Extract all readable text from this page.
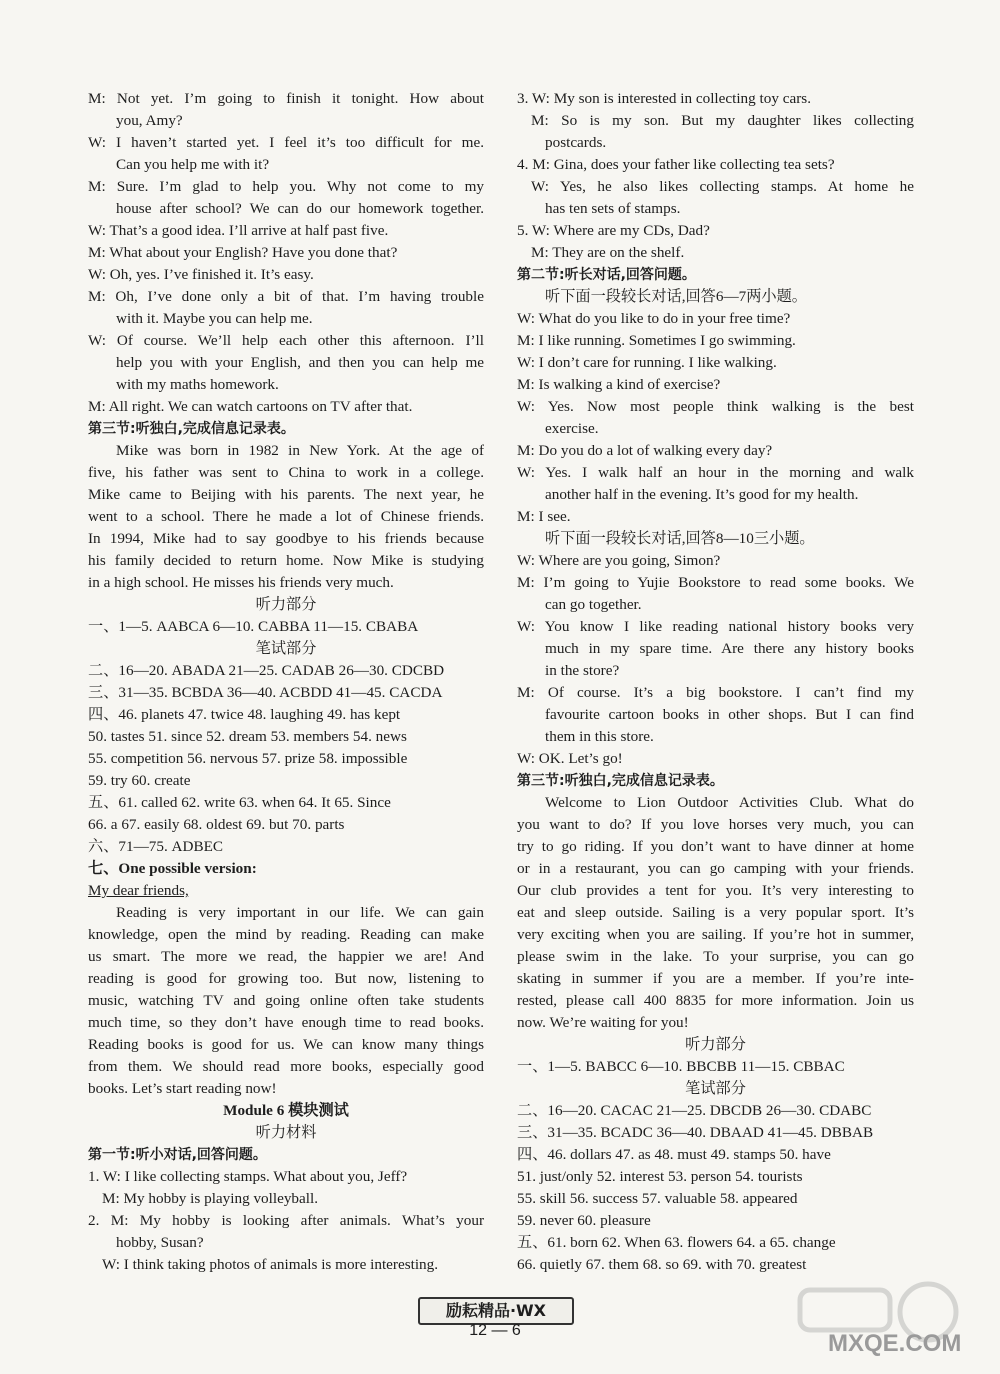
M: Not yet. I’m going to finish it tonight. How about
you, Amy?
W: I haven’t started yet. I feel it’s too difficult for me.
Can you help me with it?
M: Sure. I’m glad to help you. Why not come to my
house after school? We can do our homework together.
W: That’s a good idea. I’ll arrive at half past five.
M: What about your English? Have you done that?
W: Oh, yes. I’ve finished it. It’s easy.
M: Oh, I’ve done only a bit of that. I’m having trouble
with it. Maybe you can help me.
W: Of course. We’ll help each other this afternoon. I’ll
help you with your English, and then you can help me
with my maths homework.
M: All right. We can watch cartoons on TV after that.
第三节:听独白,完成信息记录表。
Mike was born in 1982 in New York. At the age of
five, his father was sent to China to work in a college.
Mike came to Beijing with his parents. The next year, he
went to a school. There he made a lot of Chinese friends.
In 1994, Mike had to say goodbye to his friends because
his family decided to return home. Now Mike is studying
in a high school. He misses his friends very much.
听力部分
一、1—5. AABCA 6—10. CABBA 11—15. CBABA
笔试部分
二、16—20. ABADA 21—25. CADAB 26—30. CDCBD
三、31—35. BCBDA 36—40. ACBDD 41—45. CACDA
四、46. planets 47. twice 48. laughing 49. has kept
50. tastes 51. since 52. dream 53. members 54. news
55. competition 56. nervous 57. prize 58. impossible
59. try 60. create
五、61. called 62. write 63. when 64. It 65. Since
66. a 67. easily 68. oldest 69. but 70. parts
六、71—75. ADBEC
七、One possible version:
My dear friends,
Reading is very important in our life. We can gain
knowledge, open the mind by reading. Reading can make
us smart. The more we read, the happier we are! And
reading is good for growing too. But now, listening to
music, watching TV and going online often take students
much time, so they don’t have enough time to read books.
Reading books is good for us. We can know many things
from them. We should read more books, especially good
books. Let’s start reading now!
Module 6 模块测试
听力材料
第一节:听小对话,回答问题。
1. W: I like collecting stamps. What about you, Jeff?
M: My hobby is playing volleyball.
2. M: My hobby is looking after animals. What’s your
hobby, Susan?
W: I think taking photos of animals is more interesting.
3. W: My son is interested in collecting toy cars.
M: So is my son. But my daughter likes collecting
postcards.
4. M: Gina, does your father like collecting tea sets?
W: Yes, he also likes collecting stamps. At home he
has ten sets of stamps.
5. W: Where are my CDs, Dad?
M: They are on the shelf.
第二节:听长对话,回答问题。
听下面一段较长对话,回答6—7两小题。
W: What do you like to do in your free time?
M: I like running. Sometimes I go swimming.
W: I don’t care for running. I like walking.
M: Is walking a kind of exercise?
W: Yes. Now most people think walking is the best
exercise.
M: Do you do a lot of walking every day?
W: Yes. I walk half an hour in the morning and walk
another half in the evening. It’s good for my health.
M: I see.
听下面一段较长对话,回答8—10三小题。
W: Where are you going, Simon?
M: I’m going to Yujie Bookstore to read some books. We
can go together.
W: You know I like reading national history books very
much in my spare time. Are there any history books
in the store?
M: Of course. It’s a big bookstore. I can’t find my
favourite cartoon books in other shops. But I can find
them in this store.
W: OK. Let’s go!
第三节:听独白,完成信息记录表。
Welcome to Lion Outdoor Activities Club. What do
you want to do? If you love horses very much, you can
try to go riding. If you don’t want to have dinner at home
or in a restaurant, you can go camping with your friends.
Our club provides a tent for you. It’s very interesting to
eat and sleep outside. Sailing is a very popular sport. It’s
very exciting when you are sailing. If you’re hot in summer,
please swim in the lake. To your surprise, you can go
skating in summer if you are a member. If you’re inte-
rested, please call 400 8835 for more information. Join us
now. We’re waiting for you!
听力部分
一、1—5. BABCC 6—10. BBCBB 11—15. CBBAC
笔试部分
二、16—20. CACAC 21—25. DBCDB 26—30. CDABC
三、31—35. BCADC 36—40. DBAAD 41—45. DBBAB
四、46. dollars 47. as 48. must 49. stamps 50. have
51. just/only 52. interest 53. person 54. tourists
55. skill 56. success 57. valuable 58. appeared
59. never 60. pleasure
五、61. born 62. When 63. flowers 64. a 65. change
66. quietly 67. them 68. so 69. with 70. greatest
励耘精品·WX
12 — 6	MXQE.COM
